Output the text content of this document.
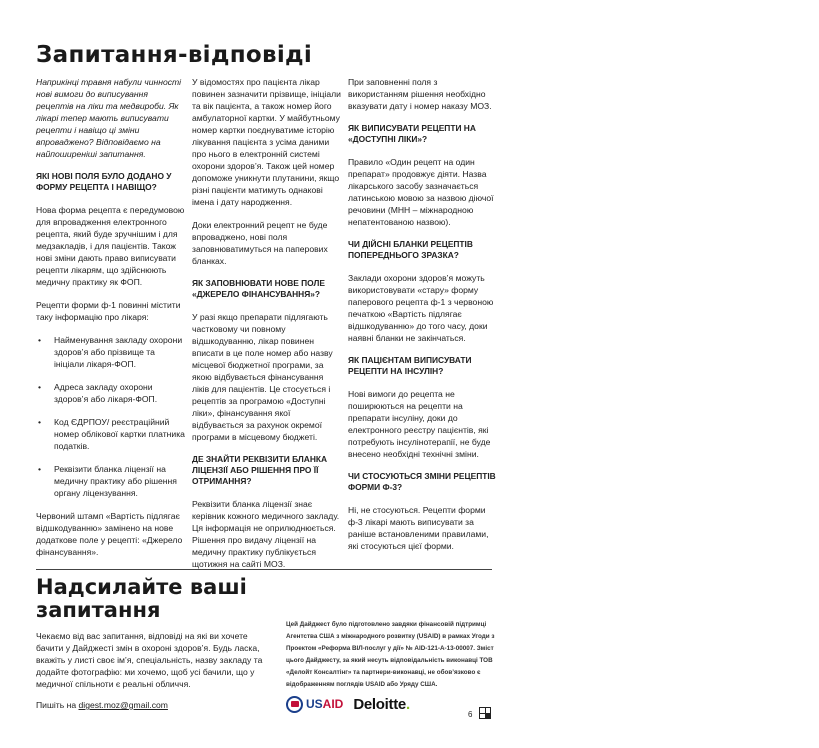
Запитання-відповіді

Наприкінці травня набули чинності нові вимоги до виписування рецептів на ліки та медвироби. Як лікарі тепер мають виписувати рецепти і навіщо ці зміни впроваджено? Відповідаємо на найпоширеніші запитання.

ЯКІ НОВІ ПОЛЯ БУЛО ДОДАНО У ФОРМУ РЕЦЕПТА І НАВІЩО?

Нова форма рецепта є передумовою для впровадження електронного рецепта, який буде зручнішим і для медзакладів, і для пацієнтів. Також нові зміни дають право виписувати рецепти лікарям, що здійснюють медичну практику як ФОП.

Рецепти форми ф-1 повинні містити таку інформацію про лікаря:

• Найменування закладу охорони здоров’я або прізвище та ініціали лікаря-ФОП.
• Адреса закладу охорони здоров’я або лікаря-ФОП.
• Код ЄДРПОУ/ реєстраційний номер облікової картки платника податків.
• Реквізити бланка ліцензії на медичну практику або рішення органу ліцензування.

Червоний штамп «Вартість підлягає відшкодуванню» замінено на нове додаткове поле у рецепті: «Джерело фінансування».

У відомостях про пацієнта лікар повинен зазначити прізвище, ініціали та вік пацієнта, а також номер його амбулаторної картки. У майбутньому номер картки поєднуватиме історію лікування пацієнта з усіма даними про нього в електронній системі охорони здоров’я. Також цей номер допоможе уникнути плутанини, якщо різні пацієнти матимуть однакові імена і дату народження.

Доки електронний рецепт не буде впроваджено, нові поля заповнюватимуться на паперових бланках.

ЯК ЗАПОВНЮВАТИ НОВЕ ПОЛЕ «ДЖЕРЕЛО ФІНАНСУВАННЯ»?

У разі якщо препарати підлягають частковому чи повному відшкодуванню, лікар повинен вписати в це поле номер або назву місцевої бюджетної програми, за якою відбувається фінансування ліків для пацієнтів. Це стосується і рецептів за програмою «Доступні ліки», фінансування якої відбувається за рахунок окремої програми в місцевому бюджеті.

ДЕ ЗНАЙТИ РЕКВІЗИТИ БЛАНКА ЛІЦЕНЗІЇ АБО РІШЕННЯ ПРО ЇЇ ОТРИМАННЯ?

Реквізити бланка ліцензії знає керівник кожного медичного закладу. Ця інформація не оприлюднюється. Рішення про видачу ліцензії на медичну практику публікується щотижня на сайті МОЗ.

При заповненні поля з використанням рішення необхідно вказувати дату і номер наказу МОЗ.

ЯК ВИПИСУВАТИ РЕЦЕПТИ НА «ДОСТУПНІ ЛІКИ»?

Правило «Один рецепт на один препарат» продовжує діяти. Назва лікарського засобу зазначається латинською мовою за назвою діючої речовини (МНН – міжнародною непатентованою назвою).

ЧИ ДІЙСНІ БЛАНКИ РЕЦЕПТІВ ПОПЕРЕДНЬОГО ЗРАЗКА?

Заклади охорони здоров’я можуть використовувати «стару» форму паперового рецепта ф-1 з червоною печаткою «Вартість підлягає відшкодуванню» до того часу, доки наявні бланки не закінчаться.

ЯК ПАЦІЄНТАМ ВИПИСУВАТИ РЕЦЕПТИ НА ІНСУЛІН?

Нові вимоги до рецепта не поширюються на рецепти на препарати інсуліну, доки до електронного реєстру пацієнтів, які потребують інсулінотерапії, не буде внесено необхідні технічні зміни.

ЧИ СТОСУЮТЬСЯ ЗМІНИ РЕЦЕПТІВ ФОРМИ Ф-3?

Ні, не стосуються. Рецепти форми ф-3 лікарі мають виписувати за раніше встановленими правилами, які стосуються цієї форми.

Надсилайте ваші запитання

Чекаємо від вас запитання, відповіді на які ви хочете бачити у Дайджесті змін в охороні здоров’я. Будь ласка, вкажіть у листі своє ім’я, спеціальність, назву закладу та додайте фотографію: ми хочемо, щоб усі бачили, що у медичної спільноти є реальні обличчя.

Пишіть на digest.moz@gmail.com

Цей Дайджест було підготовлено завдяки фінансовій підтримці Агентства США з міжнародного розвитку (USAID) в рамках Угоди з Проектом «Реформа ВІЛ-послуг у дії» № AID-121-A-13-00007. Зміст цього Дайджесту, за який несуть відповідальність виконавці ТОВ «Делойт Консалтінг» та партнери-виконавці, не обов’язково є відображенням поглядів USAID або Уряду США.

USAID Deloitte.
6
